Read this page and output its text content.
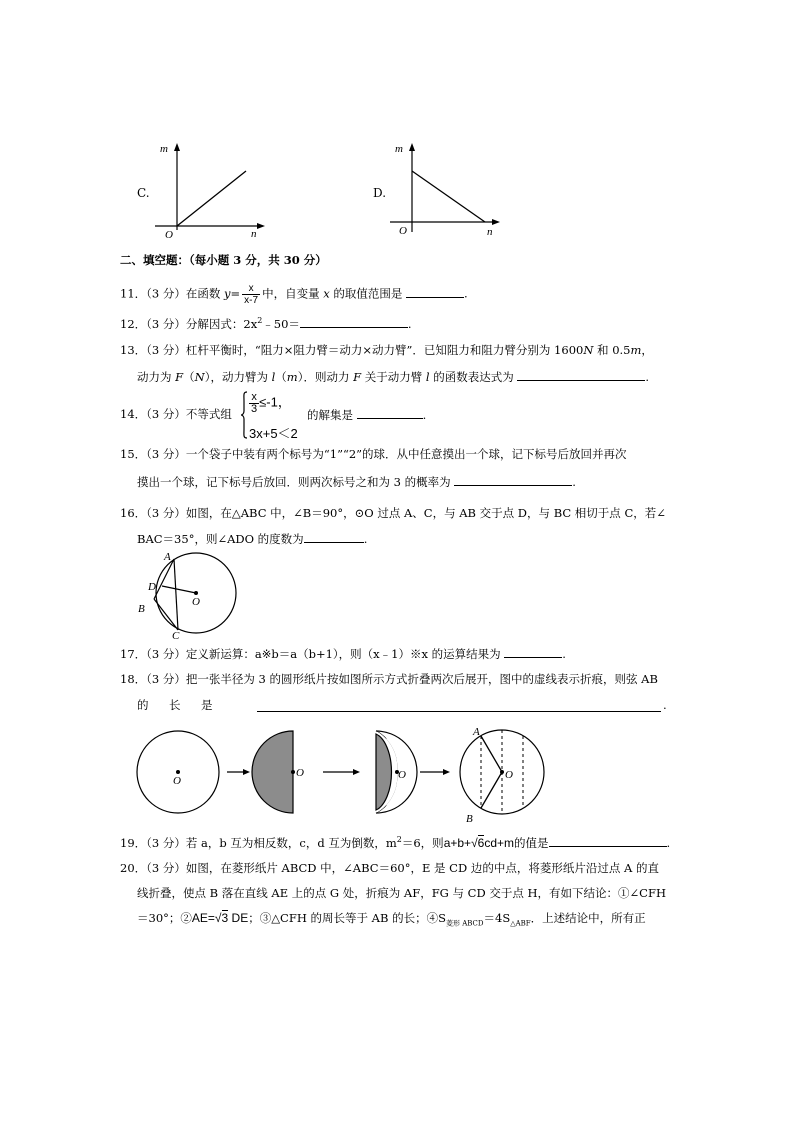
C.
m
n
O
D.
m
n
O
二、填空题：（每小题 3 分，共 30 分）
11．（3 分）在函数 $y= \frac{x}{x-7}$ 中，自变量 x 的取值范围是	.
12．（3 分）分解因式：$2x^2﹣50=$	.
13．（3 分）杠杆平衡时，“阻力×阻力臂＝动力×动力臂”．已知阻力和阻力臂分别为 1600N 和 0.5m，
动力为 F（N），动力臂为 l（m）．则动力 F 关于动力臂 l 的函数表达式为	.
14．（3 分）不等式组 $\frac{x}{3} \le-1$，
3x+5＜2
的解集是	.
15．（3 分）一个袋子中装有两个标号为“1”“2”的球．从中任意摸出一个球，记下标号后放回并再次
摸出一个球，记下标号后放回．则两次标号之和为 3 的概率为	.
16．（3 分）如图，在△ABC 中，∠B＝90°，⊙O 过点 A、C，与 AB 交于点 D，与 BC 相切于点 C，若∠
BAC＝35°，则∠ADO 的度数为	.
A
D
B
C
O
17．（3 分）定义新运算：a※b＝a（b+1），则（x﹣1）※x 的运算结果为	.
18．（3 分）把一张半径为 3 的圆形纸片按如图所示方式折叠两次后展开，图中的虚线表示折痕，则弦 AB
的 长 是	.
O
O	O	O
A
B
19．（3 分）若 a，b 互为相反数，c，d 互为倒数，$m^2=6$，则a+b+√6cd+m的值是	.
20．（3 分）如图，在菱形纸片 ABCD 中，∠ABC＝60°，E 是 CD 边的中点，将菱形纸片沿过点 A 的直
线折叠，使点 B 落在直线 AE 上的点 G 处，折痕为 AF，FG 与 CD 交于点 H，有如下结论：①∠CFH
＝30°；②AE=√3 DE；③△CFH 的周长等于 AB 的长；$④S_{菱形 ABCD}=4S_{\triangle ABF}$．上述结论中，所有正
